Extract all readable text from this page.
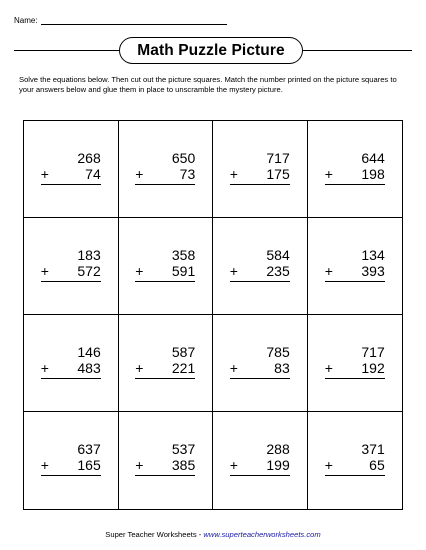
Name:
Math Puzzle Picture

Solve the equations below. Then cut out the picture squares. Match the number printed on the picture squares to your answers below and glue them in place to unscramble the mystery picture.

268
+	74
650
+	73
717
+ 175
644
+ 198
183
+ 572
358
+ 591
584
+ 235
134
+ 393
146
+ 483
587
+ 221
785
+	83
717
+ 192
637
+ 165
537
+ 385
288
+ 199
371
+	65
Super Teacher Worksheets - www.superteacherworksheets.com
